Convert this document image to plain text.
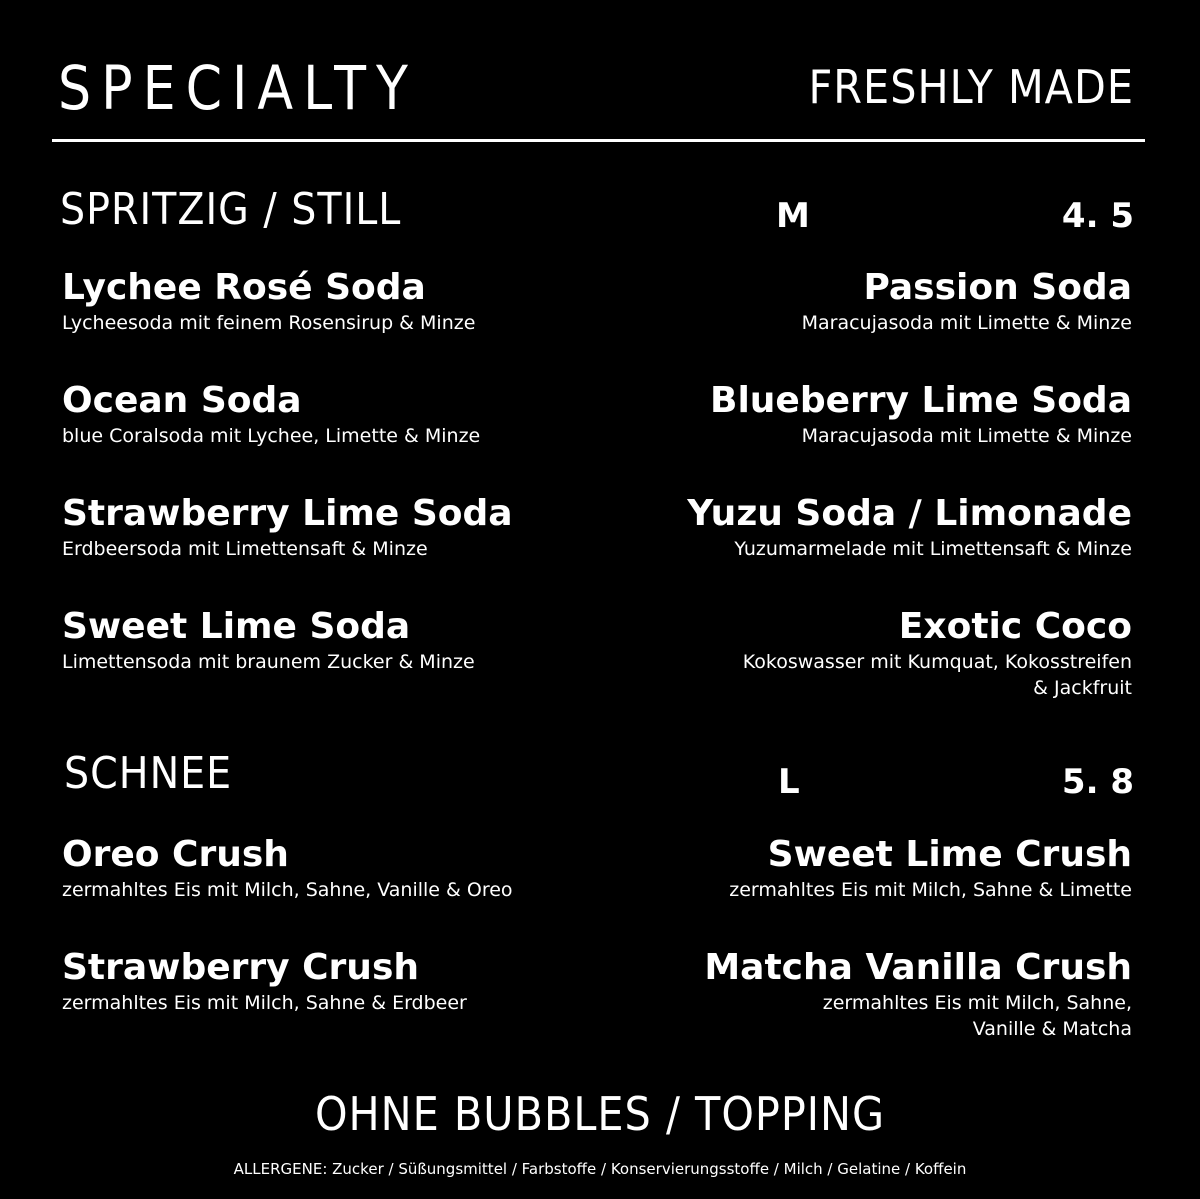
SPECIALTY	FRESHLY MADE
SPRITZIG / STILL	M	4. 5
Lychee Rosé Soda
Lycheesoda mit feinem Rosensirup & Minze
Ocean Soda
blue Coralsoda mit Lychee, Limette & Minze
Strawberry Lime Soda
Erdbeersoda mit Limettensaft & Minze
Sweet Lime Soda
Limettensoda mit braunem Zucker & Minze
Passion Soda
Maracujasoda mit Limette & Minze
Blueberry Lime Soda
Maracujasoda mit Limette & Minze
Yuzu Soda / Limonade
Yuzumarmelade mit Limettensaft & Minze
Exotic Coco
Kokoswasser mit Kumquat, Kokosstreifen
& Jackfruit
SCHNEE	L	5. 8
Oreo Crush
zermahltes Eis mit Milch, Sahne, Vanille & Oreo
Strawberry Crush
zermahltes Eis mit Milch, Sahne & Erdbeer
Sweet Lime Crush
zermahltes Eis mit Milch, Sahne & Limette
Matcha Vanilla Crush
zermahltes Eis mit Milch, Sahne,
Vanille & Matcha
OHNE BUBBLES / TOPPING
ALLERGENE: Zucker / Süßungsmittel / Farbstoffe / Konservierungsstoffe / Milch / Gelatine / Koffein
